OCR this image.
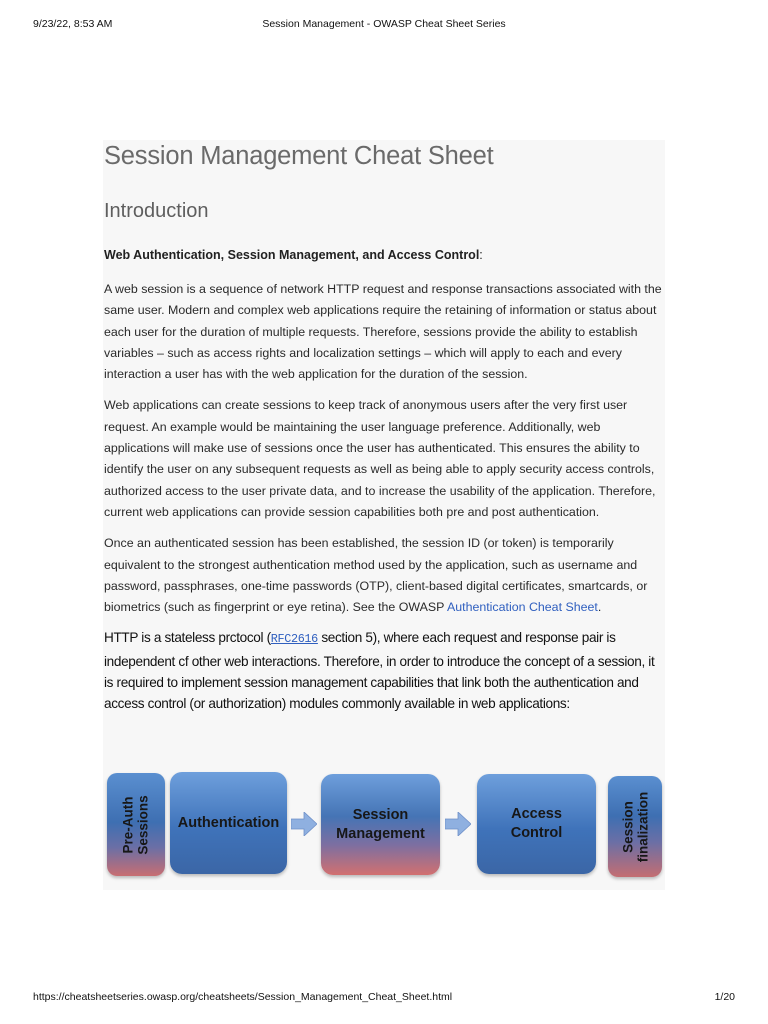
9/23/22, 8:53 AM	Session Management - OWASP Cheat Sheet Series
Session Management Cheat Sheet
Introduction
Web Authentication, Session Management, and Access Control:

A web session is a sequence of network HTTP request and response transactions associated with the same user. Modern and complex web applications require the retaining of information or status about each user for the duration of multiple requests. Therefore, sessions provide the ability to establish variables – such as access rights and localization settings – which will apply to each and every interaction a user has with the web application for the duration of the session.

Web applications can create sessions to keep track of anonymous users after the very first user request. An example would be maintaining the user language preference. Additionally, web applications will make use of sessions once the user has authenticated. This ensures the ability to identify the user on any subsequent requests as well as being able to apply security access controls, authorized access to the user private data, and to increase the usability of the application. Therefore, current web applications can provide session capabilities both pre and post authentication.

Once an authenticated session has been established, the session ID (or token) is temporarily equivalent to the strongest authentication method used by the application, such as username and password, passphrases, one-time passwords (OTP), client-based digital certificates, smartcards, or biometrics (such as fingerprint or eye retina). See the OWASP Authentication Cheat Sheet.

HTTP is a stateless prctocol (RFC2616 section 5), where each request and response pair is independent cf other web interactions. Therefore, in order to introduce the concept of a session, it is required to implement session management capabilities that link both the authentication and access control (or authorization) modules commonly available in web applications:

Pre-Auth Sessions Authentication	Session
Management
Access
Control	Session finalization
https://cheatsheetseries.owasp.org/cheatsheets/Session_Management_Cheat_Sheet.html	1/20
